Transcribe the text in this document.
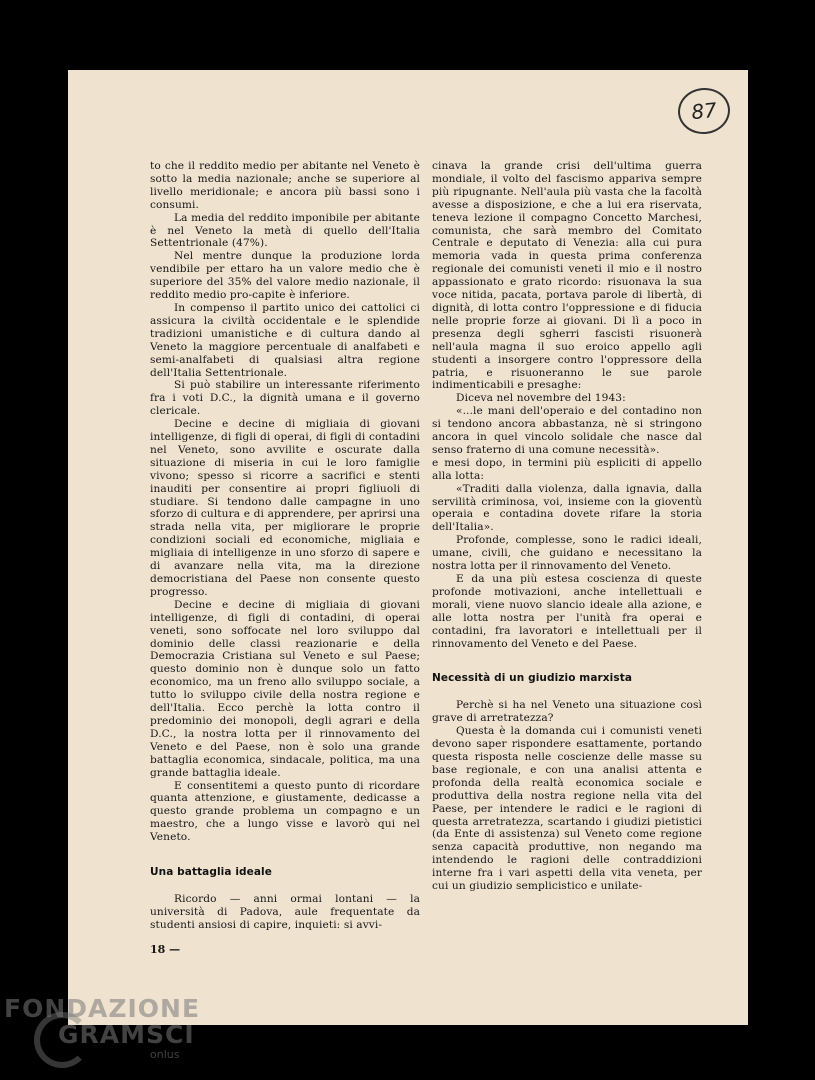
87

to che il reddito medio per abitante nel Veneto è sotto la media nazionale; anche se superiore al livello meridionale; e ancora più bassi sono i consumi.

La media del reddito imponibile per abitante è nel Veneto la metà di quello dell'Italia Settentrionale (47%).

Nel mentre dunque la produzione lorda vendibile per ettaro ha un valore medio che è superiore del 35% del valore medio nazionale, il reddito medio pro-capite è inferiore.

In compenso il partito unico dei cattolici ci assicura la civiltà occidentale e le splendide tradizioni umanistiche e di cultura dando al Veneto la maggiore percentuale di analfabeti e semi-analfabeti di qualsiasi altra regione dell'Italia Settentrionale.

Si può stabilire un interessante riferimento fra i voti D.C., la dignità umana e il governo clericale.

Decine e decine di migliaia di giovani intelligenze, di figli di operai, di figli di contadini nel Veneto, sono avvilite e oscurate dalla situazione di miseria in cui le loro famiglie vivono; spesso si ricorre a sacrifici e stenti inauditi per consentire ai propri figliuoli di studiare. Si tendono dalle campagne in uno sforzo di cultura e di apprendere, per aprirsi una strada nella vita, per migliorare le proprie condizioni sociali ed economiche, migliaia e migliaia di intelligenze in uno sforzo di sapere e di avanzare nella vita, ma la direzione democristiana del Paese non consente questo progresso.

Decine e decine di migliaia di giovani intelligenze, di figli di contadini, di operai veneti, sono soffocate nel loro sviluppo dal dominio delle classi reazionarie e della Democrazia Cristiana sul Veneto e sul Paese; questo dominio non è dunque solo un fatto economico, ma un freno allo sviluppo sociale, a tutto lo sviluppo civile della nostra regione e dell'Italia. Ecco perchè la lotta contro il predominio dei monopoli, degli agrari e della D.C., la nostra lotta per il rinnovamento del Veneto e del Paese, non è solo una grande battaglia economica, sindacale, politica, ma una grande battaglia ideale.

E consentitemi a questo punto di ricordare quanta attenzione, e giustamente, dedicasse a questo grande problema un compagno e un maestro, che a lungo visse e lavorò qui nel Veneto.

Una battaglia ideale

Ricordo — anni ormai lontani — la università di Padova, aule frequentate da studenti ansiosi di capire, inquieti: si avvi-

cinava la grande crisi dell'ultima guerra mondiale, il volto del fascismo appariva sempre più ripugnante. Nell'aula più vasta che la facoltà avesse a disposizione, e che a lui era riservata, teneva lezione il compagno Concetto Marchesi, comunista, che sarà membro del Comitato Centrale e deputato di Venezia: alla cui pura memoria vada in questa prima conferenza regionale dei comunisti veneti il mio e il nostro appassionato e grato ricordo: risuonava la sua voce nitida, pacata, portava parole di libertà, di dignità, di lotta contro l'oppressione e di fiducia nelle proprie forze ai giovani. Di lì a poco in presenza degli sgherri fascisti risuonerà nell'aula magna il suo eroico appello agli studenti a insorgere contro l'oppressore della patria, e risuoneranno le sue parole indimenticabili e presaghe:

Diceva nel novembre del 1943:

«...le mani dell'operaio e del contadino non si tendono ancora abbastanza, nè si stringono ancora in quel vincolo solidale che nasce dal senso fraterno di una comune necessità».

e mesi dopo, in termini più espliciti di appello alla lotta:

«Traditi dalla violenza, dalla ignavia, dalla servilità criminosa, voi, insieme con la gioventù operaia e contadina dovete rifare la storia dell'Italia».

Profonde, complesse, sono le radici ideali, umane, civili, che guidano e necessitano la nostra lotta per il rinnovamento del Veneto.

E da una più estesa coscienza di queste profonde motivazioni, anche intellettuali e morali, viene nuovo slancio ideale alla azione, e alle lotta nostra per l'unità fra operai e contadini, fra lavoratori e intellettuali per il rinnovamento del Veneto e del Paese.

Necessità di un giudizio marxista

Perchè si ha nel Veneto una situazione così grave di arretratezza?

Questa è la domanda cui i comunisti veneti devono saper rispondere esattamente, portando questa risposta nelle coscienze delle masse su base regionale, e con una analisi attenta e profonda della realtà economica sociale e produttiva della nostra regione nella vita del Paese, per intendere le radici e le ragioni di questa arretratezza, scartando i giudizi pietistici (da Ente di assistenza) sul Veneto come regione senza capacità produttive, non negando ma intendendo le ragioni delle contraddizioni interne fra i vari aspetti della vita veneta, per cui un giudizio semplicistico e unilate-

18 —
FONDAZIONE
GRAMSCI
onlus
